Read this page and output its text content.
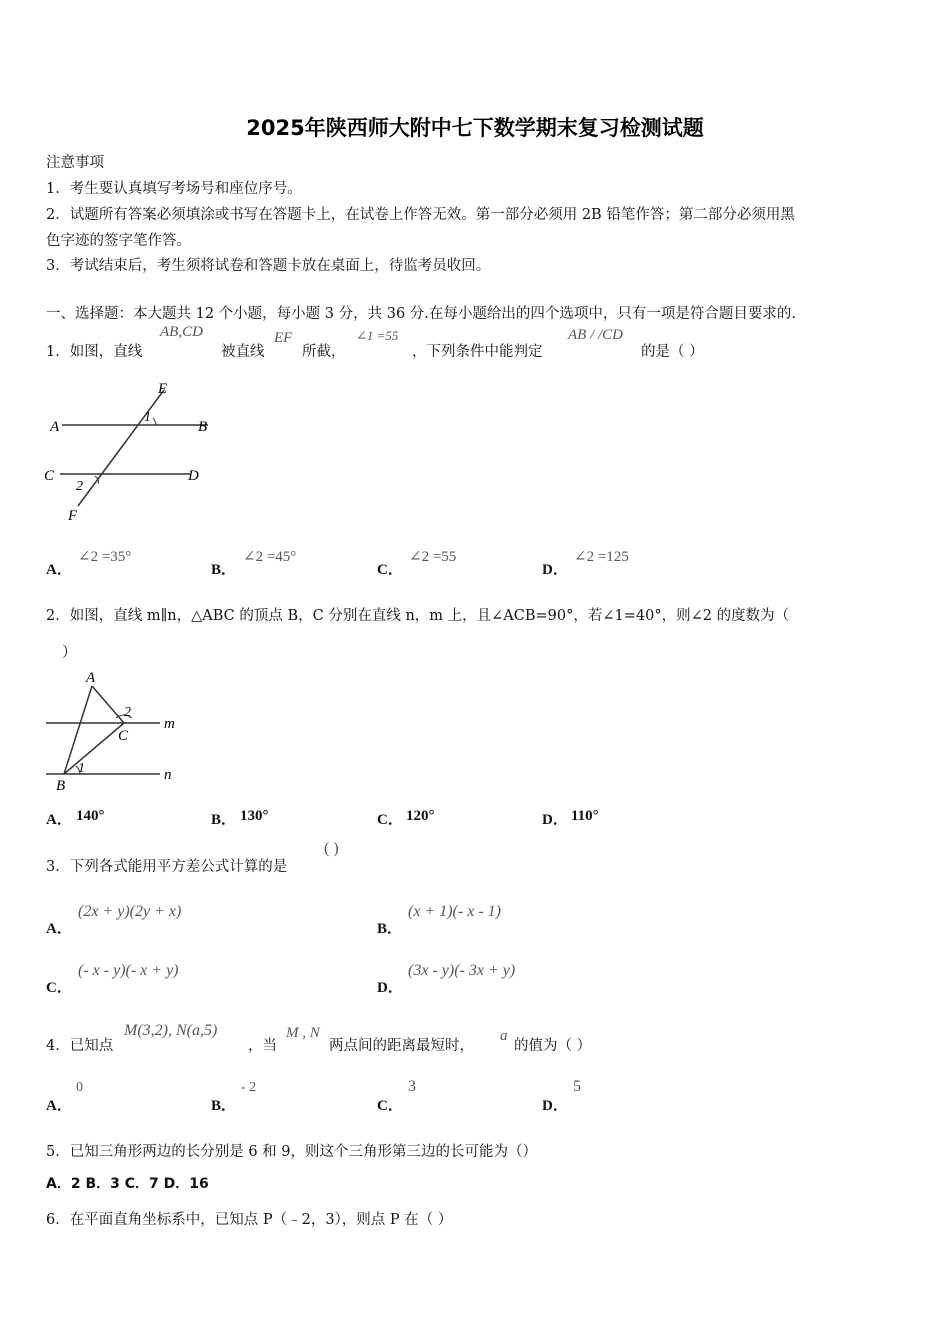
2025年陕西师大附中七下数学期末复习检测试题
注意事项
1．考生要认真填写考场号和座位序号。
2．试题所有答案必须填涂或书写在答题卡上，在试卷上作答无效。第一部分必须用 2B 铅笔作答；第二部分必须用黑
色字迹的签字笔作答。
3．考试结束后，考生须将试卷和答题卡放在桌面上，待监考员收回。
一、选择题：本大题共 12 个小题，每小题 3 分，共 36 分.在每小题给出的四个选项中，只有一项是符合题目要求的.
1．如图，直线
AB,CD
被直线
EF
所截，
∠1 =55
，下列条件中能判定
AB / /CD
的是（ ）
E
A	B
1
C	D
2
F
A．
∠2 =35°
B．
∠2 =45°
C．
∠2 =55
D．
∠2 =125
2．如图，直线 m∥n，△ABC 的顶点 B，C 分别在直线 n，m 上，且∠ACB=90°，若∠1=40°，则∠2 的度数为（
）
A
2
C
m
1
B
n
A． 140°	B． 130°	C． 120°	D． 110°
3．下列各式能用平方差公式计算的是
( )
A．
(2x + y)(2y + x)
B．
(x + 1)(- x - 1)
C．
(- x - y)(- x + y)
D．
(3x - y)(- 3x + y)
4．已知点
M(3,2), N(a,5)
，当
M , N
两点间的距离最短时，
a
的值为（ ）
A．
0
B．
- 2
C．
3
D．
5
5．已知三角形两边的长分别是 6 和 9，则这个三角形第三边的长可能为（）
A．2 B．3 C．7 D．16
6．在平面直角坐标系中，已知点 P（﹣2，3），则点 P 在（ ）
